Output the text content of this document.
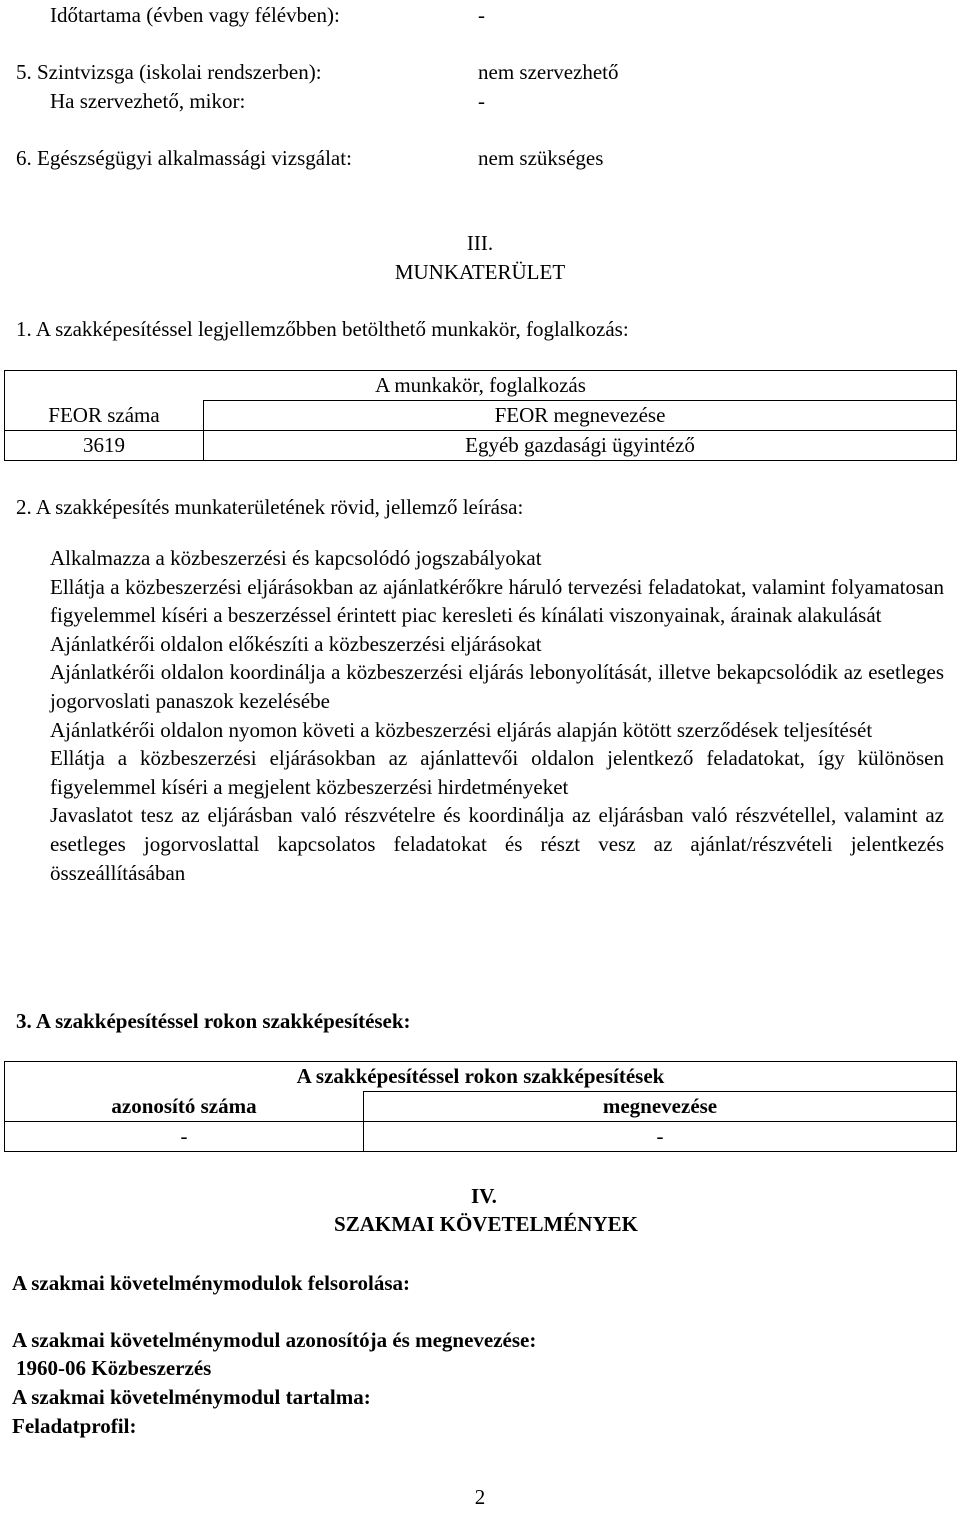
Időtartama (évben vagy félévben):	-
5. Szintvizsga (iskolai rendszerben):	nem szervezhető
Ha szervezhető, mikor:	-
6. Egészségügyi alkalmassági vizsgálat:	nem szükséges
III.
MUNKATERÜLET
1. A szakképesítéssel legjellemzőbben betölthető munkakör, foglalkozás:
A munkakör, foglalkozás	
FEOR száma	FEOR megnevezése
3619	Egyéb gazdasági ügyintéző
2. A szakképesítés munkaterületének rövid, jellemző leírása:
Alkalmazza a közbeszerzési és kapcsolódó jogszabályokat
Ellátja a közbeszerzési eljárásokban az ajánlatkérőkre háruló tervezési feladatokat, valamint folyamatosan figyelemmel kíséri a beszerzéssel érintett piac keresleti és kínálati viszonyainak, árainak alakulását
Ajánlatkérői oldalon előkészíti a közbeszerzési eljárásokat
Ajánlatkérői oldalon koordinálja a közbeszerzési eljárás lebonyolítását, illetve bekapcsolódik az esetleges jogorvoslati panaszok kezelésébe
Ajánlatkérői oldalon nyomon követi a közbeszerzési eljárás alapján kötött szerződések teljesítését
Ellátja a közbeszerzési eljárásokban az ajánlattevői oldalon jelentkező feladatokat, így különösen figyelemmel kíséri a megjelent közbeszerzési hirdetményeket
Javaslatot tesz az eljárásban való részvételre és koordinálja az eljárásban való részvétellel, valamint az esetleges jogorvoslattal kapcsolatos feladatokat és részt vesz az ajánlat/részvételi jelentkezés összeállításában
3. A szakképesítéssel rokon szakképesítések:
A szakképesítéssel rokon szakképesítések	
azonosító száma	megnevezése
-	-
IV.
SZAKMAI KÖVETELMÉNYEK
A szakmai követelménymodulok felsorolása:
A szakmai követelménymodul azonosítója és megnevezése:
1960-06 Közbeszerzés
A szakmai követelménymodul tartalma:
Feladatprofil:
2
